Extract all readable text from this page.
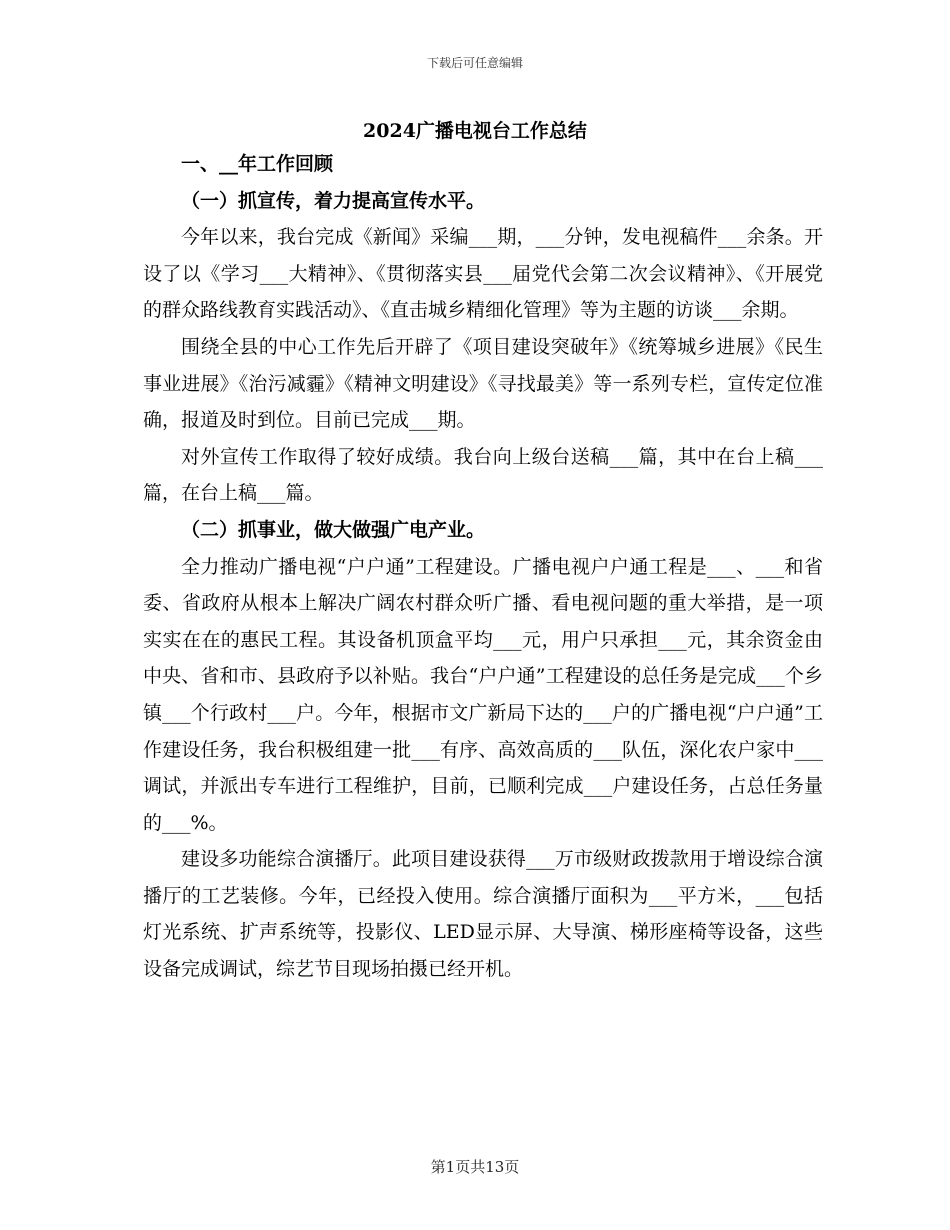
下载后可任意编辑
2024广播电视台工作总结

一、__年工作回顾

（一）抓宣传，着力提高宣传水平。

今年以来，我台完成《新闻》采编___期，___分钟，发电视稿件___余条。开设了以《学习___大精神》、《贯彻落实县___届党代会第二次会议精神》、《开展党的群众路线教育实践活动》、《直击城乡精细化管理》等为主题的访谈___余期。

围绕全县的中心工作先后开辟了《项目建设突破年》《统筹城乡进展》《民生事业进展》《治污减霾》《精神文明建设》《寻找最美》等一系列专栏，宣传定位准确，报道及时到位。目前已完成___期。

对外宣传工作取得了较好成绩。我台向上级台送稿___篇，其中在台上稿___篇，在台上稿___篇。

（二）抓事业，做大做强广电产业。

全力推动广播电视“户户通”工程建设。广播电视户户通工程是___、___和省委、省政府从根本上解决广阔农村群众听广播、看电视问题的重大举措，是一项实实在在的惠民工程。其设备机顶盒平均___元，用户只承担___元，其余资金由中央、省和市、县政府予以补贴。我台“户户通”工程建设的总任务是完成___个乡镇___个行政村___户。今年，根据市文广新局下达的___户的广播电视“户户通”工作建设任务，我台积极组建一批___有序、高效高质的___队伍，深化农户家中___调试，并派出专车进行工程维护，目前，已顺利完成___户建设任务，占总任务量的___%。

建设多功能综合演播厅。此项目建设获得___万市级财政拨款用于增设综合演播厅的工艺装修。今年，已经投入使用。综合演播厅面积为___平方米，___包括灯光系统、扩声系统等，投影仪、LED显示屏、大导演、梯形座椅等设备，这些设备完成调试，综艺节目现场拍摄已经开机。

第1页共13页
